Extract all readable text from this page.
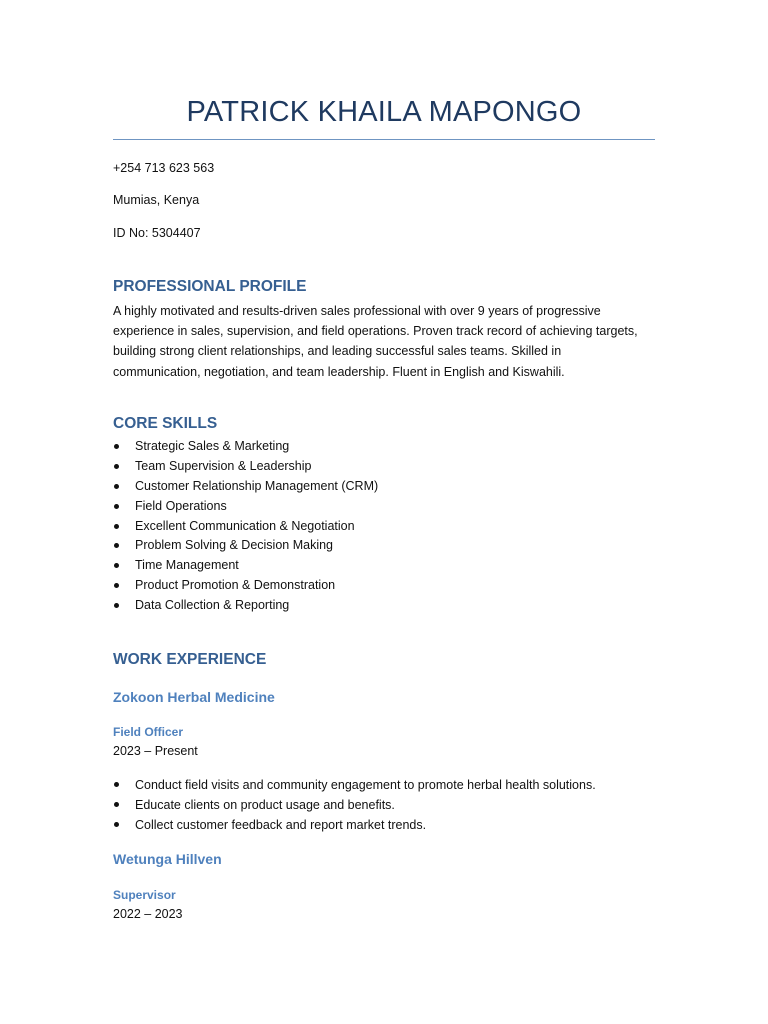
PATRICK KHAILA MAPONGO

+254 713 623 563

Mumias, Kenya

ID No: 5304407

PROFESSIONAL PROFILE

A highly motivated and results-driven sales professional with over 9 years of progressive experience in sales, supervision, and field operations. Proven track record of achieving targets, building strong client relationships, and leading successful sales teams. Skilled in communication, negotiation, and team leadership. Fluent in English and Kiswahili.

CORE SKILLS
Strategic Sales & Marketing
Team Supervision & Leadership
Customer Relationship Management (CRM)
Field Operations
Excellent Communication & Negotiation
Problem Solving & Decision Making
Time Management
Product Promotion & Demonstration
Data Collection & Reporting
WORK EXPERIENCE
Zokoon Herbal Medicine

Field Officer

2023 – Present

Conduct field visits and community engagement to promote herbal health solutions.
Educate clients on product usage and benefits.
Collect customer feedback and report market trends.
Wetunga Hillven

Supervisor

2022 – 2023
